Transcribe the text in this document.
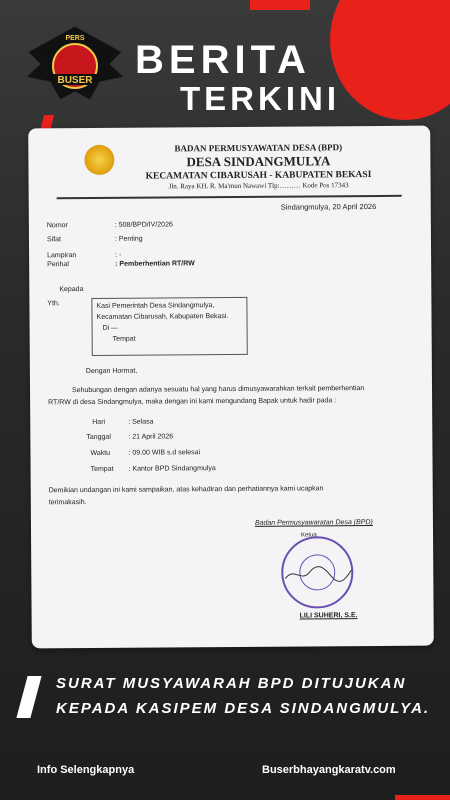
BUSER
PERS BERITA
TERKINI
BADAN PERMUSYAWATAN DESA (BPD)
DESA SINDANGMULYA
KECAMATAN CIBARUSAH - KABUPATEN BEKASI
Jln. Raya KH. R. Ma'mun Nawawi Tlp:……… Kode Pos 17343
Sindangmulya, 20 April 2026
Nomor	: 508/BPD/IV/2026
Sifat	: Penting
Lampiran	: -
Perihal	: Pemberhentian RT/RW
Kepada
Yth.	Kasi Pemerintah Desa Sindangmulya,
Kecamatan Cibarusah, Kabupaten Bekasi.
Di —
Tempat
Dengan Hormat,
Sehubungan dengan adanya sesuatu hal yang harus dimusyawarahkan terkait pemberhentian
RT/RW di desa Sindangmulya, maka dengan ini kami mengundang Bapak untuk hadir pada :
Hari	: Selasa
Tanggal	: 21 April 2026
Waktu	: 09.00 WIB s.d selesai
Tempat	: Kantor BPD Sindangmulya
Demikian undangan ini kami sampaikan, atas kehadiran dan perhatiannya kami ucapkan
terimakasih.
Badan Permusyawaratan Desa (BPD)
Ketua
LILI SUHERI, S.E.
SURAT MUSYAWARAH BPD DITUJUKAN
KEPADA KASIPEM DESA SINDANGMULYA.
Info Selengkapnya	Buserbhayangkaratv.com
